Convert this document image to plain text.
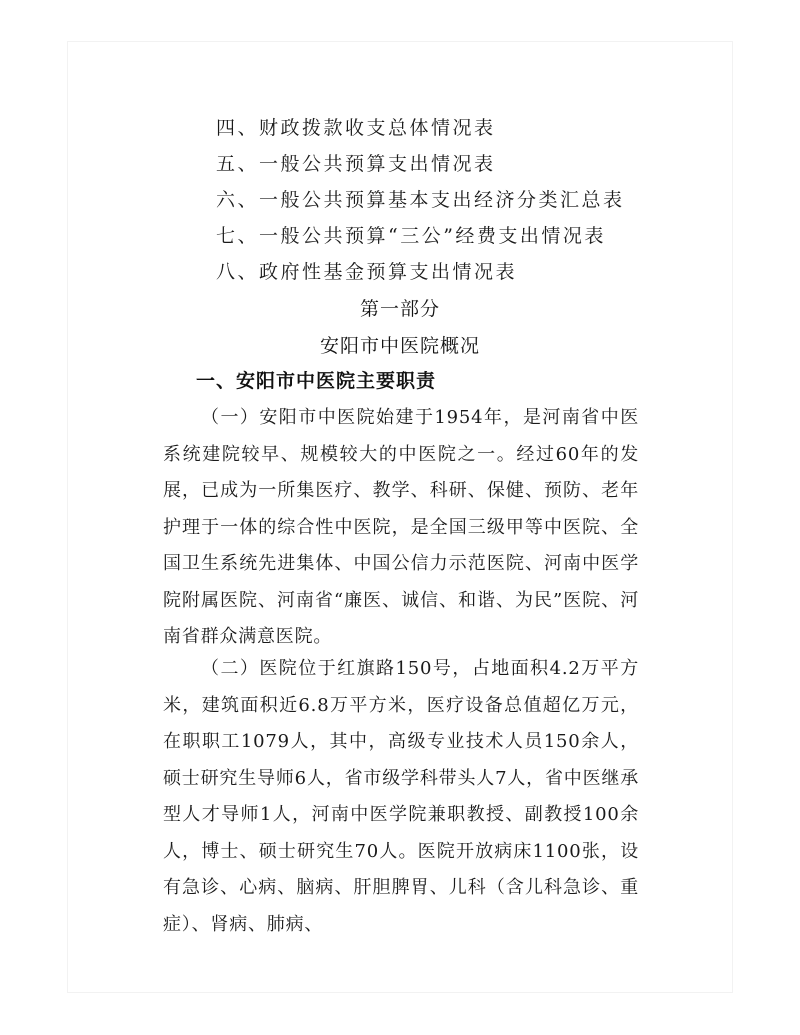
四、财政拨款收支总体情况表
五、一般公共预算支出情况表
六、一般公共预算基本支出经济分类汇总表
七、一般公共预算“三公”经费支出情况表
八、政府性基金预算支出情况表
第一部分
安阳市中医院概况
一、安阳市中医院主要职责

（一）安阳市中医院始建于1954年，是河南省中医系统建院较早、规模较大的中医院之一。经过60年的发展，已成为一所集医疗、教学、科研、保健、预防、老年护理于一体的综合性中医院，是全国三级甲等中医院、全国卫生系统先进集体、中国公信力示范医院、河南中医学院附属医院、河南省“廉医、诚信、和谐、为民”医院、河南省群众满意医院。

（二）医院位于红旗路150号，占地面积4.2万平方米，建筑面积近6.8万平方米，医疗设备总值超亿万元，在职职工1079人，其中，高级专业技术人员150余人，硕士研究生导师6人，省市级学科带头人7人，省中医继承型人才导师1人，河南中医学院兼职教授、副教授100余人，博士、硕士研究生70人。医院开放病床1100张，设有急诊、心病、脑病、肝胆脾胃、儿科（含儿科急诊、重症）、肾病、肺病、
